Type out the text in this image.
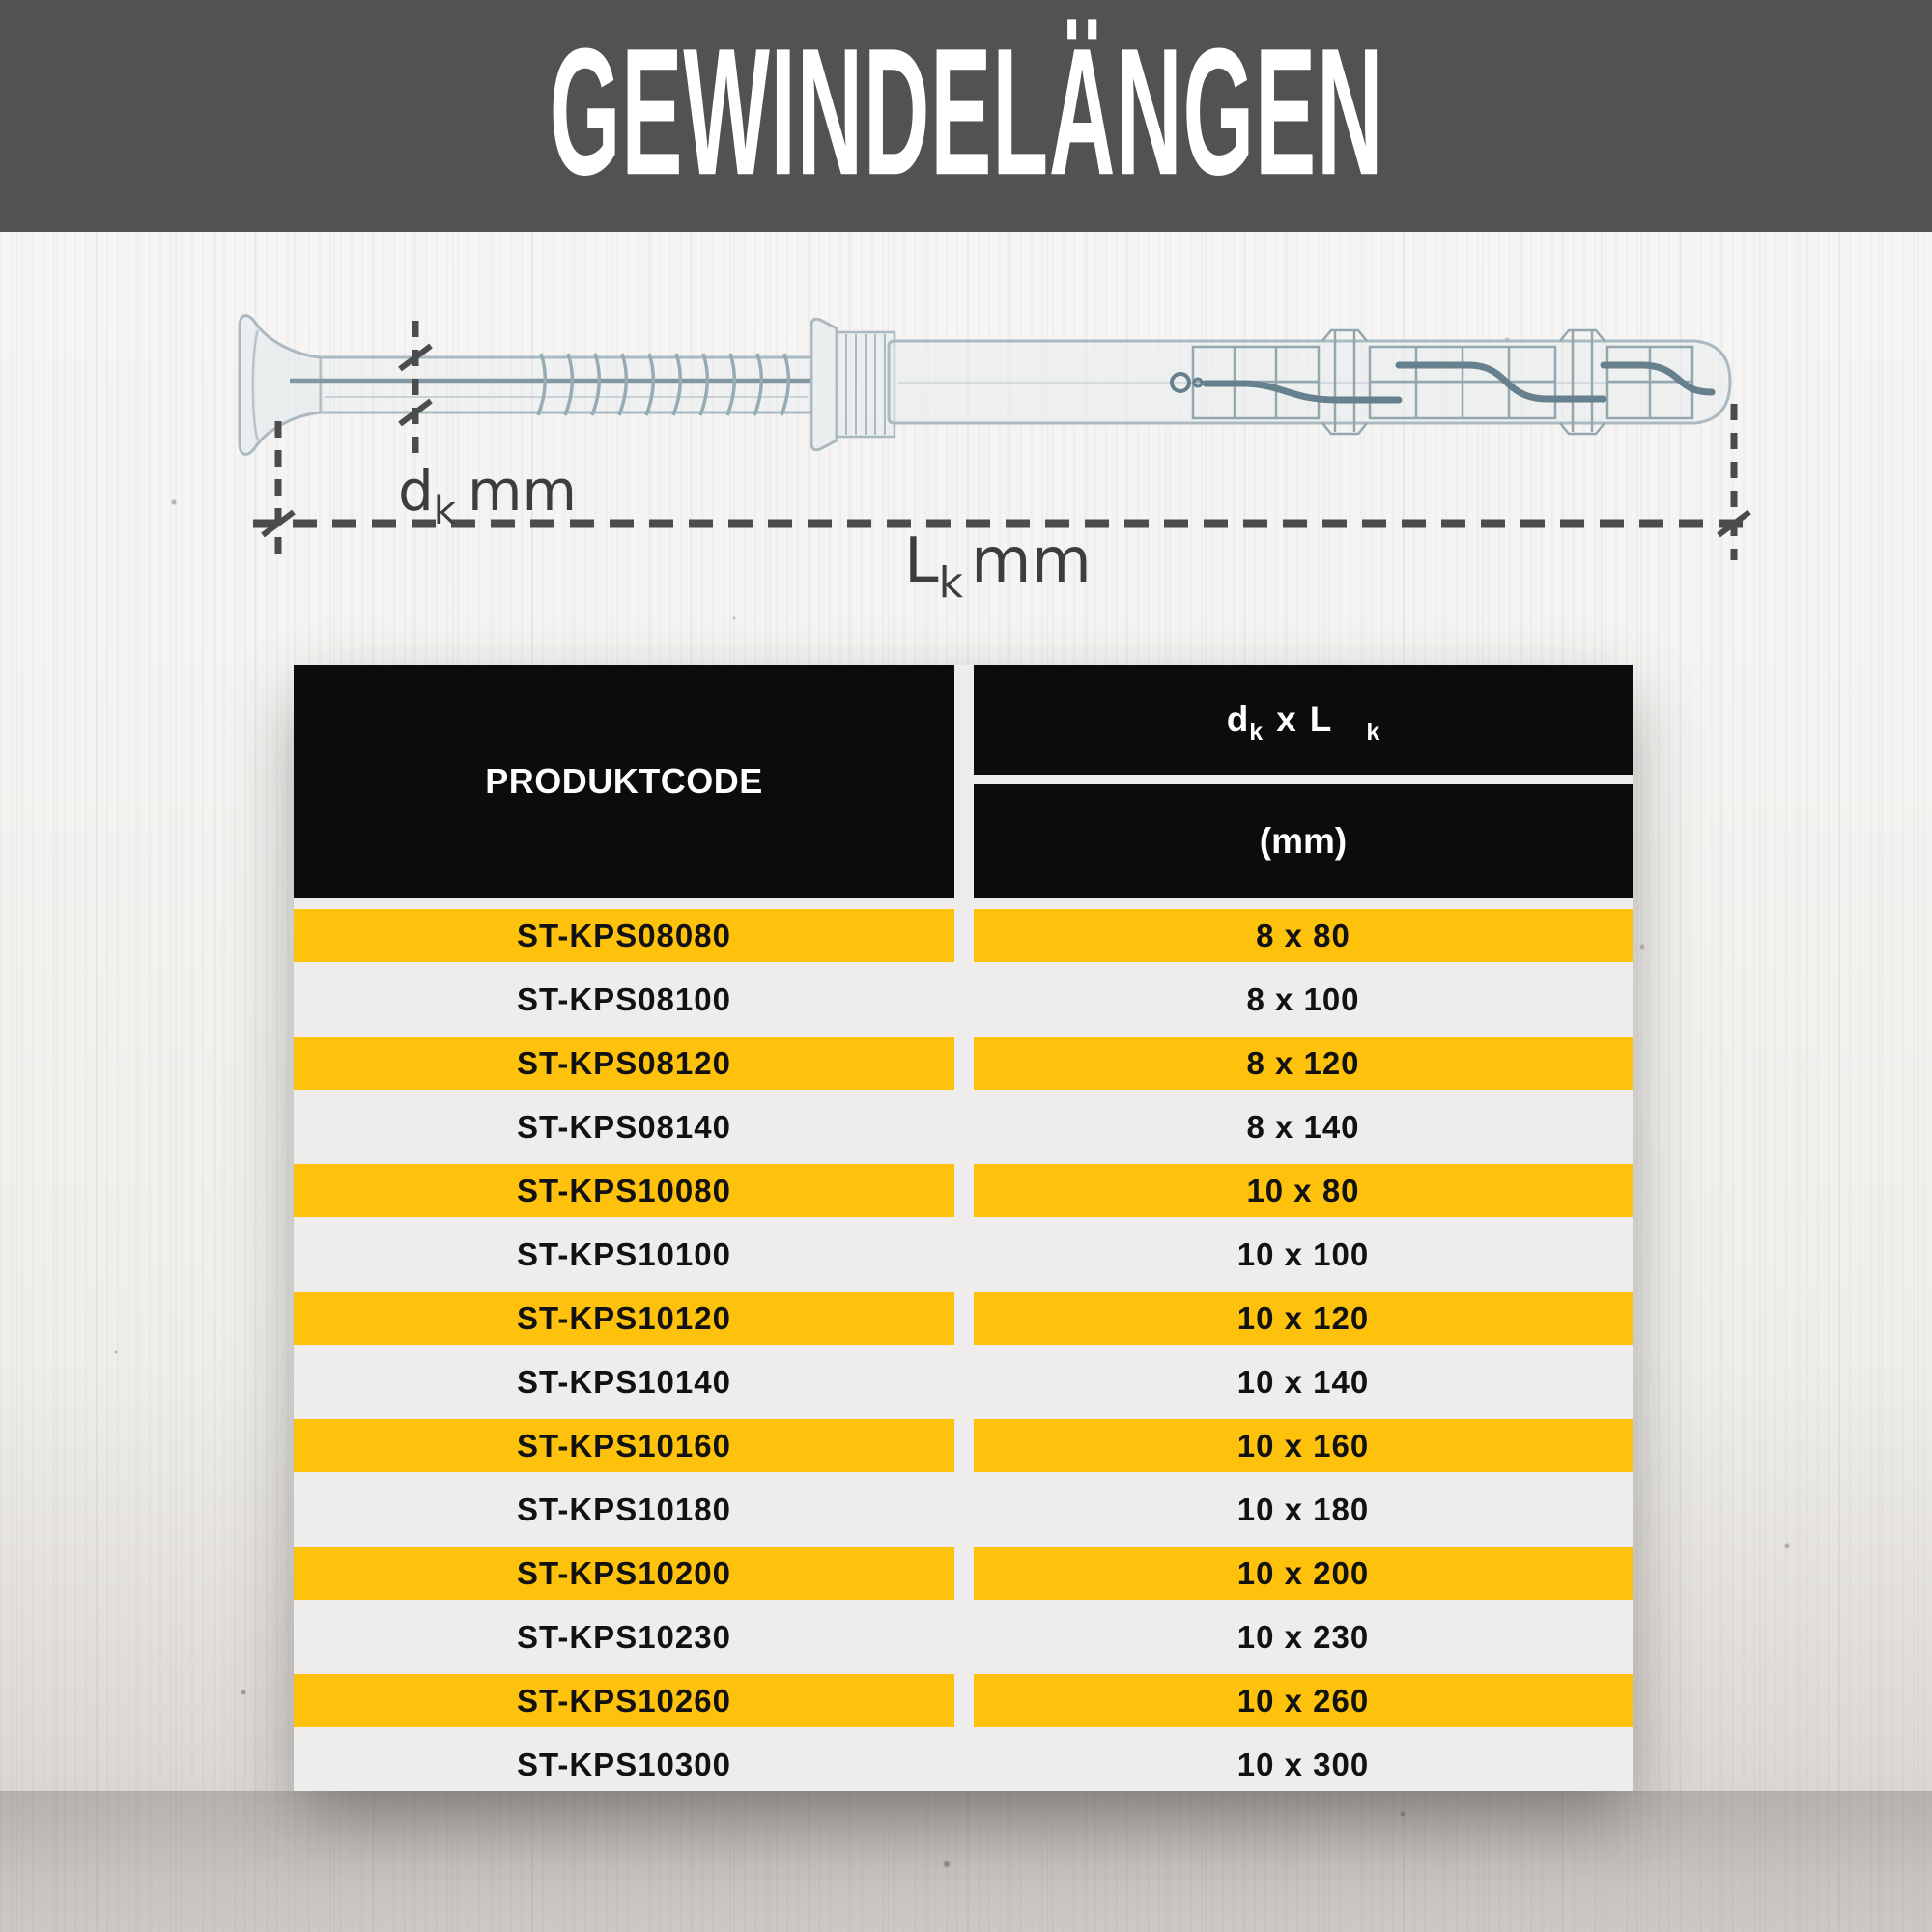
GEWINDELÄNGEN
$d_k$ mm
$L_k$ mm
PRODUKTCODE
d k x L k
(mm)
ST-KPS08080	8 x 80
ST-KPS08100	8 x 100
ST-KPS08120	8 x 120
ST-KPS08140	8 x 140
ST-KPS10080	10 x 80
ST-KPS10100	10 x 100
ST-KPS10120	10 x 120
ST-KPS10140	10 x 140
ST-KPS10160	10 x 160
ST-KPS10180	10 x 180
ST-KPS10200	10 x 200
ST-KPS10230	10 x 230
ST-KPS10260	10 x 260
ST-KPS10300	10 x 300
